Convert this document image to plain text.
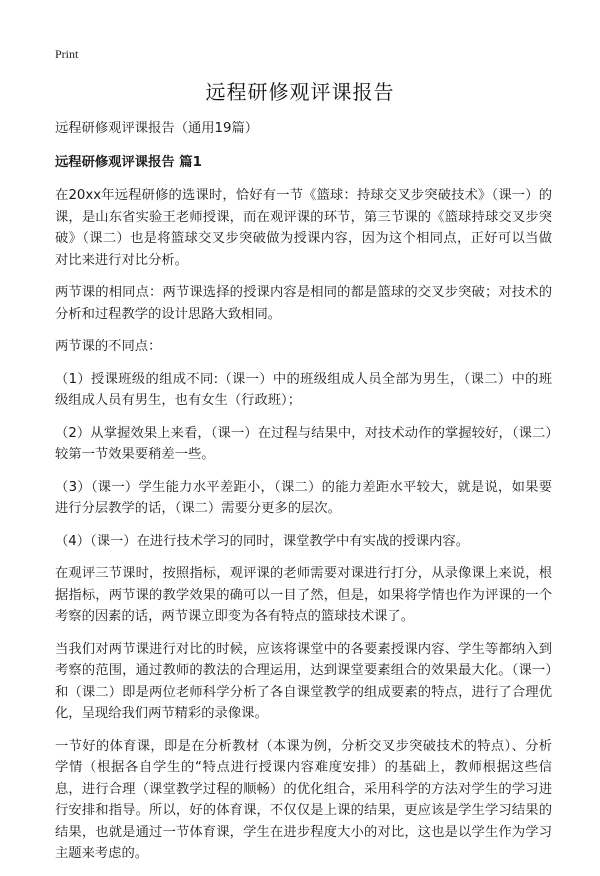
Print
远程研修观评课报告

远程研修观评课报告（通用19篇）

远程研修观评课报告 篇1

在20xx年远程研修的选课时，恰好有一节《篮球：持球交叉步突破技术》（课一）的课，是山东省实验王老师授课，而在观评课的环节，第三节课的《篮球持球交叉步突破》（课二）也是将篮球交叉步突破做为授课内容，因为这个相同点，正好可以当做对比来进行对比分析。

两节课的相同点：两节课选择的授课内容是相同的都是篮球的交叉步突破；对技术的分析和过程教学的设计思路大致相同。

两节课的不同点：

（1）授课班级的组成不同:（课一）中的班级组成人员全部为男生，（课二）中的班级组成人员有男生，也有女生（行政班）；

（2）从掌握效果上来看，（课一）在过程与结果中，对技术动作的掌握较好，（课二）较第一节效果要稍差一些。

（3）（课一）学生能力水平差距小，（课二）的能力差距水平较大，就是说，如果要进行分层教学的话，（课二）需要分更多的层次。

（4）（课一）在进行技术学习的同时，课堂教学中有实战的授课内容。

在观评三节课时，按照指标，观评课的老师需要对课进行打分，从录像课上来说，根据指标，两节课的教学效果的确可以一目了然，但是，如果将学情也作为评课的一个考察的因素的话，两节课立即变为各有特点的篮球技术课了。

当我们对两节课进行对比的时候，应该将课堂中的各要素授课内容、学生等都纳入到考察的范围，通过教师的教法的合理运用，达到课堂要素组合的效果最大化。（课一）和（课二）即是两位老师科学分析了各自课堂教学的组成要素的特点，进行了合理优化，呈现给我们两节精彩的录像课。

一节好的体育课，即是在分析教材（本课为例，分析交叉步突破技术的特点）、分析学情（根据各自学生的“特点进行授课内容难度安排）的基础上，教师根据这些信息，进行合理（课堂教学过程的顺畅）的优化组合，采用科学的方法对学生的学习进行安排和指导。所以，好的体育课，不仅仅是上课的结果，更应该是学生学习结果的结果，也就是通过一节体育课，学生在进步程度大小的对比，这也是以学生作为学习主题来考虑的。
